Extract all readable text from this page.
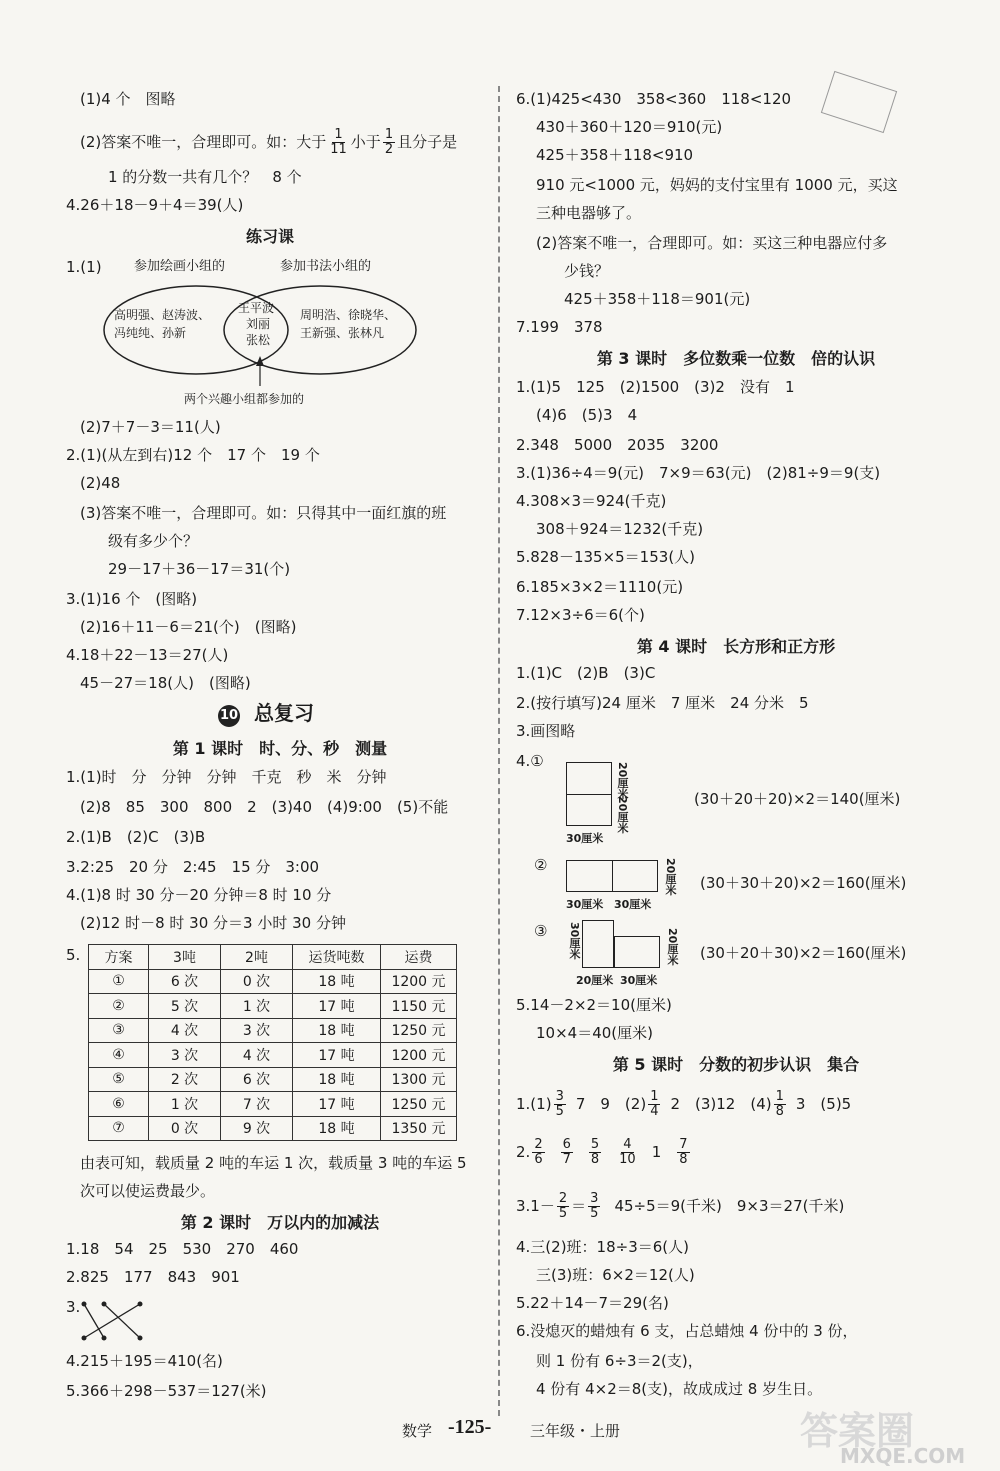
(1)4 个　图略
(2)答案不唯一，合理即可。如：大于 $\frac{1}{11}$ 小于 $\frac{1}{2}$ 且分子是
1 的分数一共有几个？　8 个
4.26＋18－9＋4＝39(人)
练习课
1.(1) 参加绘画小组的	参加书法小组的
高明强、赵涛波、
冯纯纯、孙新
王平波
刘丽
张松
周明浩、徐晓华、
王新强、张林凡
两个兴趣小组都参加的
(2)7＋7－3＝11(人)
2.(1)(从左到右)12 个　17 个　19 个
(2)48
(3)答案不唯一，合理即可。如：只得其中一面红旗的班
级有多少个？
29－17＋36－17＝31(个)
3.(1)16 个　(图略)
(2)16＋11－6＝21(个)　(图略)
4.18＋22－13＝27(人)
45－27＝18(人)　(图略)
10 总复习
第 1 课时　时、分、秒　测量
1.(1)时　分　分钟　分钟　千克　秒　米　分钟
(2)8　85　300　800　2　(3)40　(4)9:00　(5)不能
2.(1)B　(2)C　(3)B
3.2:25　20 分　2:45　15 分　3:00
4.(1)8 时 30 分－20 分钟＝8 时 10 分
(2)12 时－8 时 30 分＝3 小时 30 分钟
5. 方案	3吨	2吨	运货吨数	运费
①	6 次	0 次	18 吨	1200 元
②	5 次	1 次	17 吨	1150 元
③	4 次	3 次	18 吨	1250 元
④	3 次	4 次	17 吨	1200 元
⑤	2 次	6 次	18 吨	1300 元
⑥	1 次	7 次	17 吨	1250 元
⑦	0 次	9 次	18 吨	1350 元
由表可知，载质量 2 吨的车运 1 次，载质量 3 吨的车运 5
次可以使运费最少。
第 2 课时　万以内的加减法
1.18　54　25　530　270　460
2.825　177　843　901
3.
4.215＋195＝410(名)
5.366＋298－537＝127(米)
6.(1)425<430　358<360　118<120
430＋360＋120＝910(元)
425＋358＋118<910
910 元<1000 元，妈妈的支付宝里有 1000 元，买这
三种电器够了。
(2)答案不唯一，合理即可。如：买这三种电器应付多
少钱？
425＋358＋118＝901(元)
7.199　378
第 3 课时　多位数乘一位数　倍的认识
1.(1)5　125　(2)1500　(3)2　没有　1
(4)6　(5)3　4
2.348　5000　2035　3200
3.(1)36÷4＝9(元)　7×9＝63(元)　(2)81÷9＝9(支)
4.308×3＝924(千克)
308＋924＝1232(千克)
5.828－135×5＝153(人)
6.185×3×2＝1110(元)
7.12×3÷6＝6(个)
第 4 课时　长方形和正方形
1.(1)C　(2)B　(3)C
2.(按行填写)24 厘米　7 厘米　24 分米　5
3.画图略
4.①
20厘米
20厘米
30厘米
(30＋20＋20)×2＝140(厘米)
②	20厘米
30厘米 30厘米
(30＋30＋20)×2＝160(厘米)
③ 30厘米	20厘米
20厘米 30厘米
(30＋20＋30)×2＝160(厘米)
5.14－2×2＝10(厘米)
10×4＝40(厘米)
第 5 课时　分数的初步认识　集合
$1.(1) \frac{3}{5} 7$　9　$(2) \frac{1}{4} 2$　(3)12　$(4) \frac{1}{8} 3$　(5)5
2. $\frac{2}{6} \frac{6}{7} \frac{5}{8} \frac{4}{10} 1 \frac{7}{8}$
$3.1- \frac{2}{5} = \frac{3}{5} 45\div 5=9$(千米)　9×3＝27(千米)
4.三(2)班：18÷3＝6(人)
三(3)班：6×2＝12(人)
5.22＋14－7＝29(名)
6.没熄灭的蜡烛有 6 支，占总蜡烛 4 份中的 3 份，
则 1 份有 6÷3＝2(支)，
4 份有 4×2＝8(支)，故成成过 8 岁生日。
数学 -125-	三年级・上册	答案圈
MXQE.COM
